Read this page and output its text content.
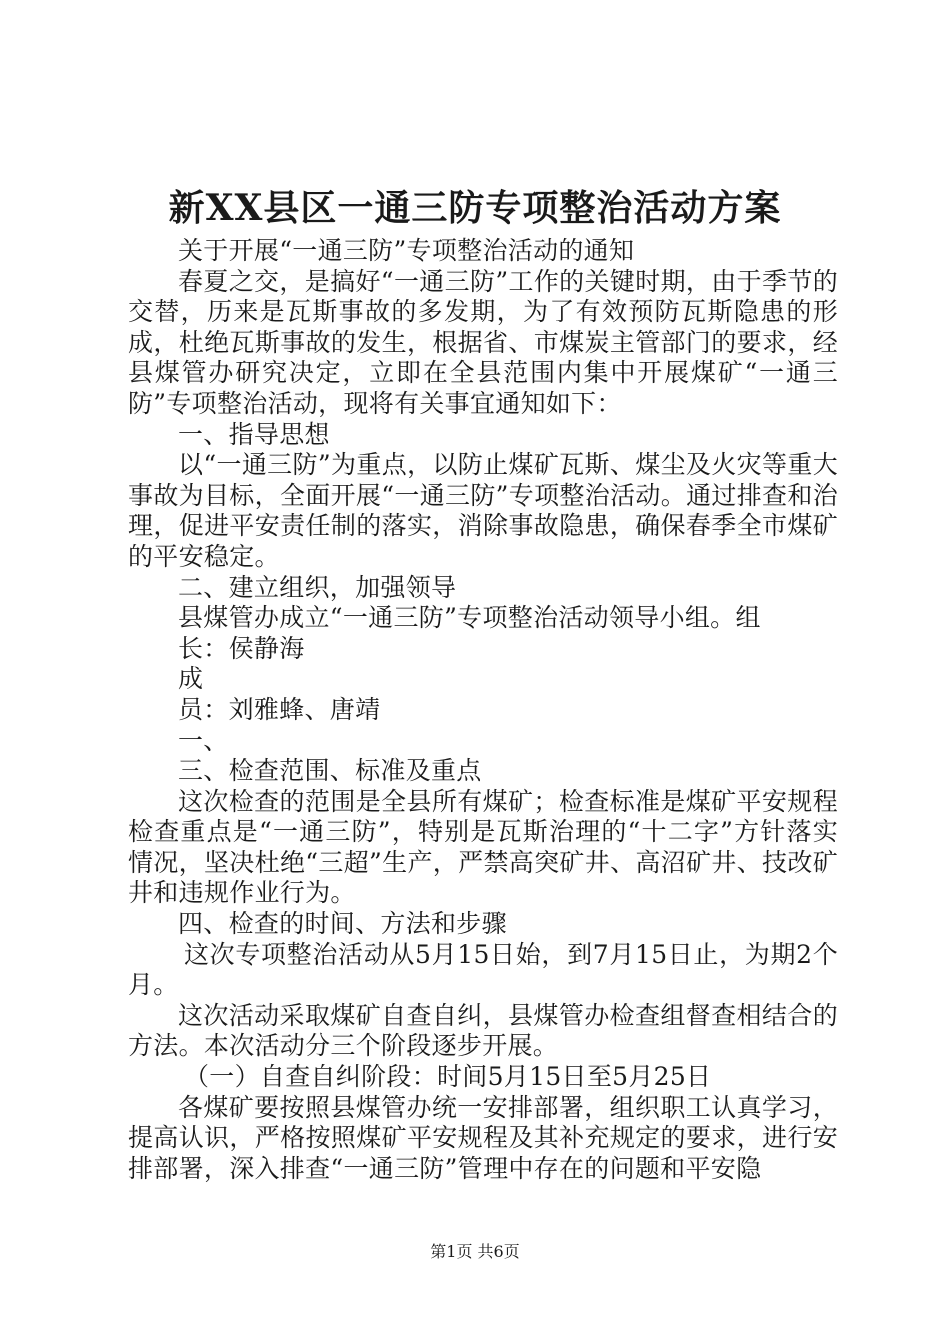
新XX县区一通三防专项整治活动方案

关于开展“一通三防”专项整治活动的通知

春夏之交，是搞好“一通三防”工作的关键时期，由于季节的交替，历来是瓦斯事故的多发期，为了有效预防瓦斯隐患的形成，杜绝瓦斯事故的发生，根据省、市煤炭主管部门的要求，经县煤管办研究决定，立即在全县范围内集中开展煤矿“一通三防”专项整治活动，现将有关事宜通知如下：

一、指导思想

以“一通三防”为重点，以防止煤矿瓦斯、煤尘及火灾等重大事故为目标，全面开展“一通三防”专项整治活动。通过排查和治理，促进平安责任制的落实，消除事故隐患，确保春季全市煤矿的平安稳定。

二、建立组织，加强领导

县煤管办成立“一通三防”专项整治活动领导小组。组

长：侯静海

成

员：刘雅蜂、唐靖

一、

三、检查范围、标准及重点

这次检查的范围是全县所有煤矿；检查标准是煤矿平安规程检查重点是“一通三防”，特别是瓦斯治理的“十二字”方针落实情况，坚决杜绝“三超”生产，严禁高突矿井、高沼矿井、技改矿井和违规作业行为。

四、检查的时间、方法和步骤

这次专项整治活动从5月15日始，到7月15日止，为期2个月。

这次活动采取煤矿自查自纠，县煤管办检查组督查相结合的方法。本次活动分三个阶段逐步开展。

（一）自查自纠阶段：时间5月15日至5月25日

各煤矿要按照县煤管办统一安排部署，组织职工认真学习，提高认识，严格按照煤矿平安规程及其补充规定的要求，进行安排部署，深入排查“一通三防”管理中存在的问题和平安隐

第1页 共6页
